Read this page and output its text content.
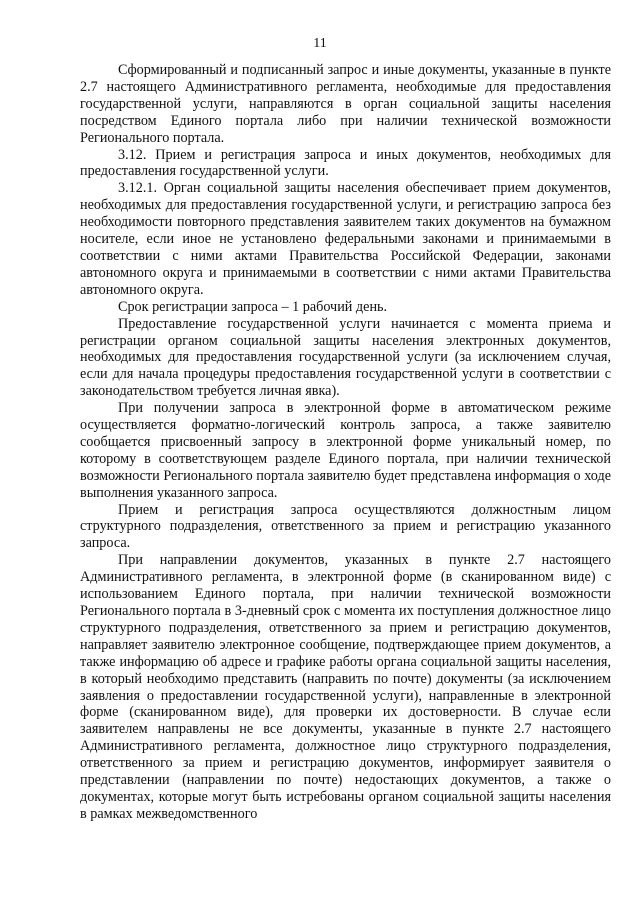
11

Сформированный и подписанный запрос и иные документы, указанные в пункте 2.7 настоящего Административного регламента, необходимые для предоставления государственной услуги, направляются в орган социальной защиты населения посредством Единого портала либо при наличии технической возможности Регионального портала.

3.12. Прием и регистрация запроса и иных документов, необходимых для предоставления государственной услуги.

3.12.1. Орган социальной защиты населения обеспечивает прием документов, необходимых для предоставления государственной услуги, и регистрацию запроса без необходимости повторного представления заявителем таких документов на бумажном носителе, если иное не установлено федеральными законами и принимаемыми в соответствии с ними актами Правительства Российской Федерации, законами автономного округа и принимаемыми в соответствии с ними актами Правительства автономного округа.

Срок регистрации запроса – 1 рабочий день.

Предоставление государственной услуги начинается с момента приема и регистрации органом социальной защиты населения электронных документов, необходимых для предоставления государственной услуги (за исключением случая, если для начала процедуры предоставления государственной услуги в соответствии с законодательством требуется личная явка).

При получении запроса в электронной форме в автоматическом режиме осуществляется форматно-логический контроль запроса, а также заявителю сообщается присвоенный запросу в электронной форме уникальный номер, по которому в соответствующем разделе Единого портала, при наличии технической возможности Регионального портала заявителю будет представлена информация о ходе выполнения указанного запроса.

Прием и регистрация запроса осуществляются должностным лицом структурного подразделения, ответственного за прием и регистрацию указанного запроса.

При направлении документов, указанных в пункте 2.7 настоящего Административного регламента, в электронной форме (в сканированном виде) с использованием Единого портала, при наличии технической возможности Регионального портала в 3-дневный срок с момента их поступления должностное лицо структурного подразделения, ответственного за прием и регистрацию документов, направляет заявителю электронное сообщение, подтверждающее прием документов, а также информацию об адресе и графике работы органа социальной защиты населения, в который необходимо представить (направить по почте) документы (за исключением заявления о предоставлении государственной услуги), направленные в электронной форме (сканированном виде), для проверки их достоверности. В случае если заявителем направлены не все документы, указанные в пункте 2.7 настоящего Административного регламента, должностное лицо структурного подразделения, ответственного за прием и регистрацию документов, информирует заявителя о представлении (направлении по почте) недостающих документов, а также о документах, которые могут быть истребованы органом социальной защиты населения в рамках межведомственного
